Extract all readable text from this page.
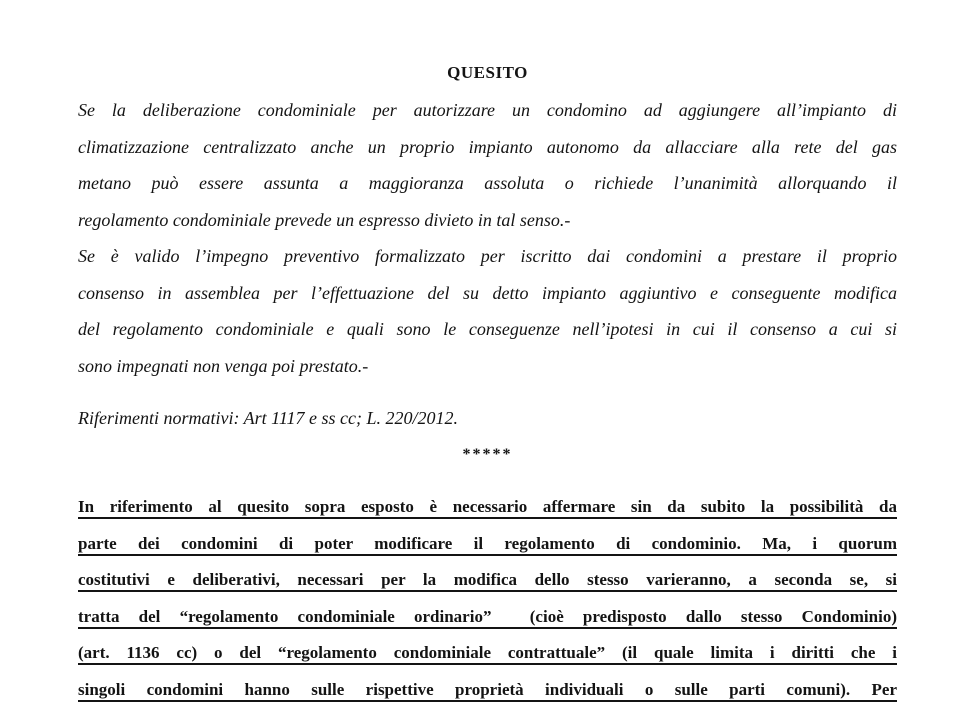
QUESITO
Se la deliberazione condominiale per autorizzare un condomino ad aggiungere all’impianto di
climatizzazione centralizzato anche un proprio impianto autonomo da allacciare alla rete del gas
metano può essere assunta a maggioranza assoluta o richiede l’unanimità allorquando il
regolamento condominiale prevede un espresso divieto in tal senso.-
Se è valido l’impegno preventivo formalizzato per iscritto dai condomini a prestare il proprio
consenso in assemblea per l’effettuazione del su detto impianto aggiuntivo e conseguente modifica
del regolamento condominiale e quali sono le conseguenze nell’ipotesi in cui il consenso a cui si
sono impegnati non venga poi prestato.-
Riferimenti normativi: Art 1117 e ss cc; L. 220/2012.
*****
In riferimento al quesito sopra esposto è necessario affermare sin da subito la possibilità da
parte dei condomini di poter modificare il regolamento di condominio. Ma, i quorum
costitutivi e deliberativi, necessari per la modifica dello stesso varieranno, a seconda se, si
tratta del “regolamento condominiale ordinario”  (cioè predisposto dallo stesso Condominio)
(art. 1136 cc) o del “regolamento condominiale contrattuale” (il quale limita i diritti che i
singoli condomini hanno sulle rispettive proprietà individuali o sulle parti comuni). Per
